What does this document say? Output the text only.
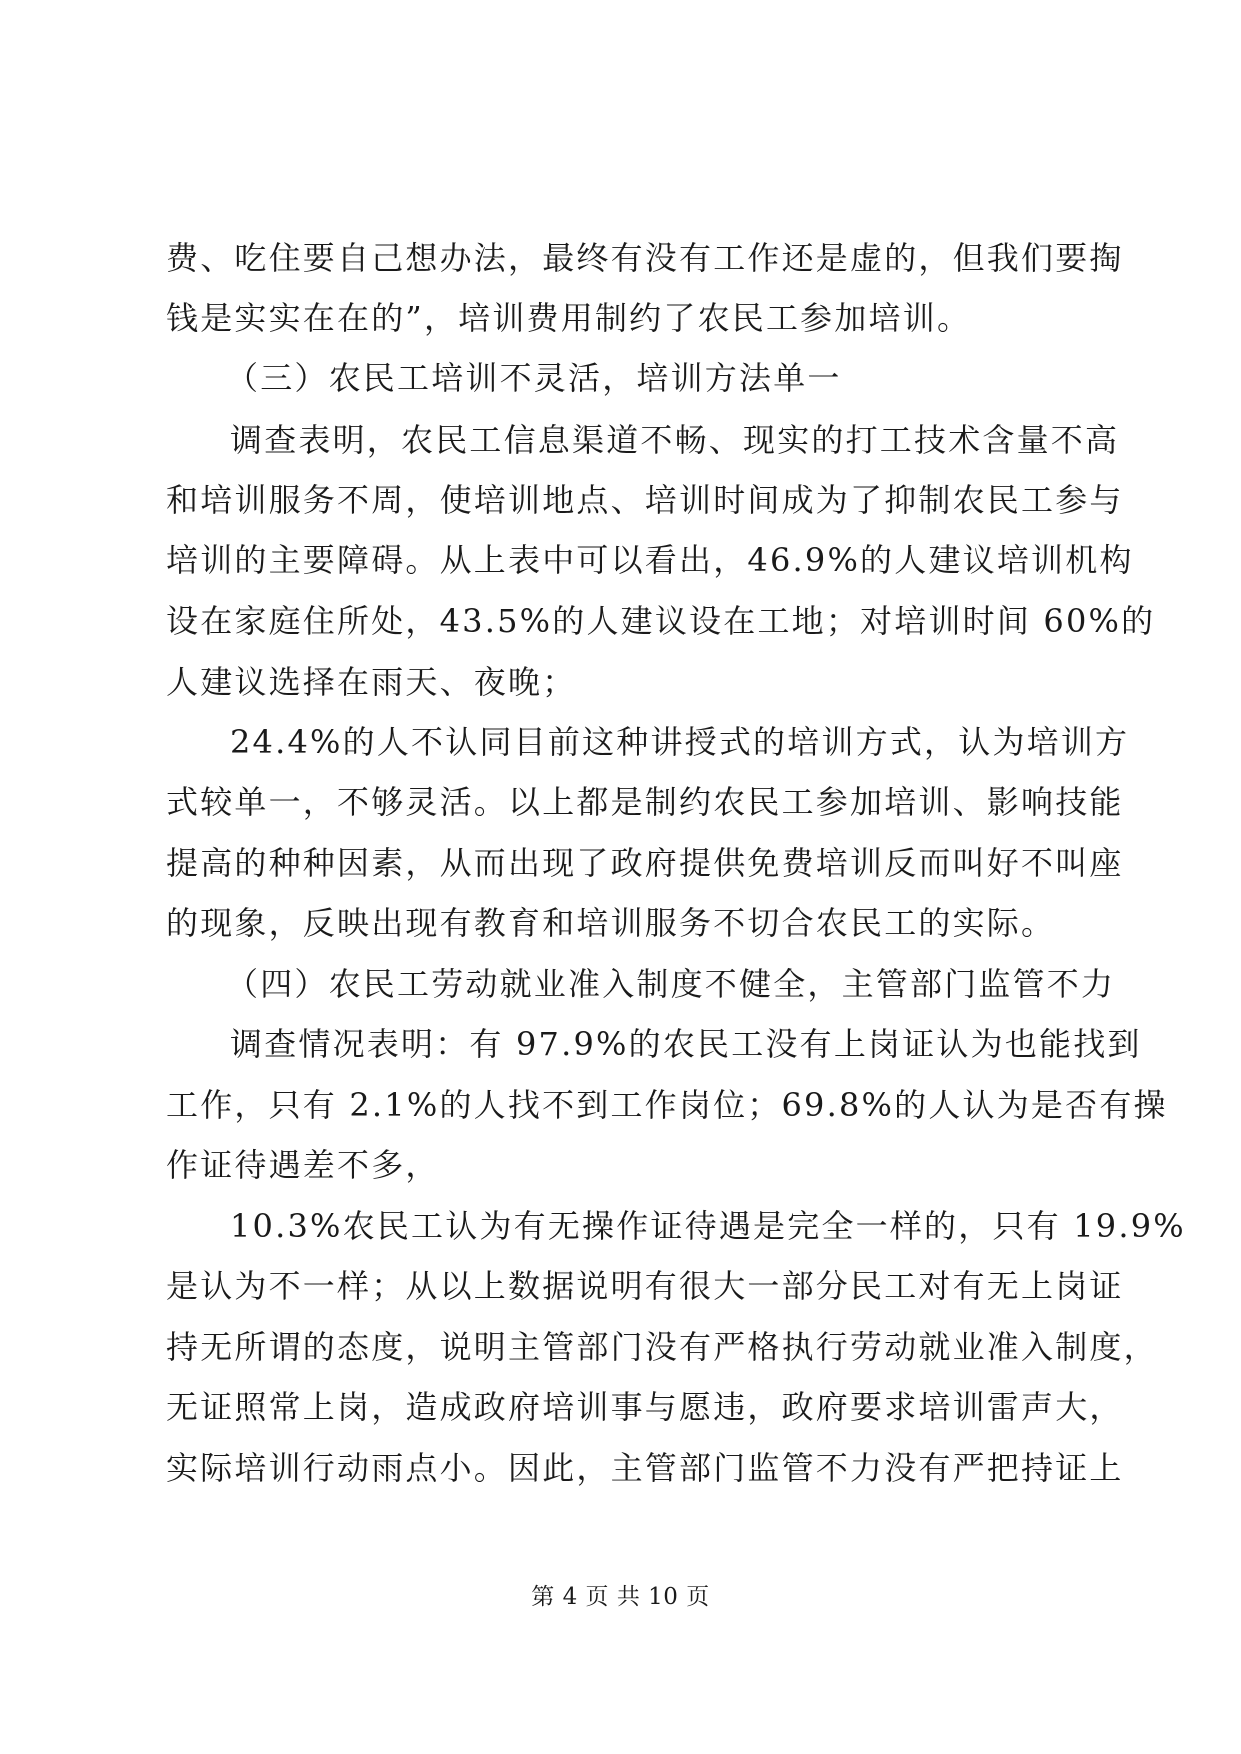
费、吃住要自己想办法，最终有没有工作还是虚的，但我们要掏
钱是实实在在的”，培训费用制约了农民工参加培训。
（三）农民工培训不灵活，培训方法单一
调查表明，农民工信息渠道不畅、现实的打工技术含量不高
和培训服务不周，使培训地点、培训时间成为了抑制农民工参与
培训的主要障碍。从上表中可以看出，46.9%的人建议培训机构
设在家庭住所处，43.5%的人建议设在工地；对培训时间 60%的
人建议选择在雨天、夜晚；
24.4%的人不认同目前这种讲授式的培训方式，认为培训方
式较单一，不够灵活。以上都是制约农民工参加培训、影响技能
提高的种种因素，从而出现了政府提供免费培训反而叫好不叫座
的现象，反映出现有教育和培训服务不切合农民工的实际。
（四）农民工劳动就业准入制度不健全，主管部门监管不力
调查情况表明：有 97.9%的农民工没有上岗证认为也能找到
工作，只有 2.1%的人找不到工作岗位；69.8%的人认为是否有操
作证待遇差不多，
10.3%农民工认为有无操作证待遇是完全一样的，只有 19.9%
是认为不一样；从以上数据说明有很大一部分民工对有无上岗证
持无所谓的态度，说明主管部门没有严格执行劳动就业准入制度，
无证照常上岗，造成政府培训事与愿违，政府要求培训雷声大，
实际培训行动雨点小。因此，主管部门监管不力没有严把持证上
第 4 页 共 10 页
